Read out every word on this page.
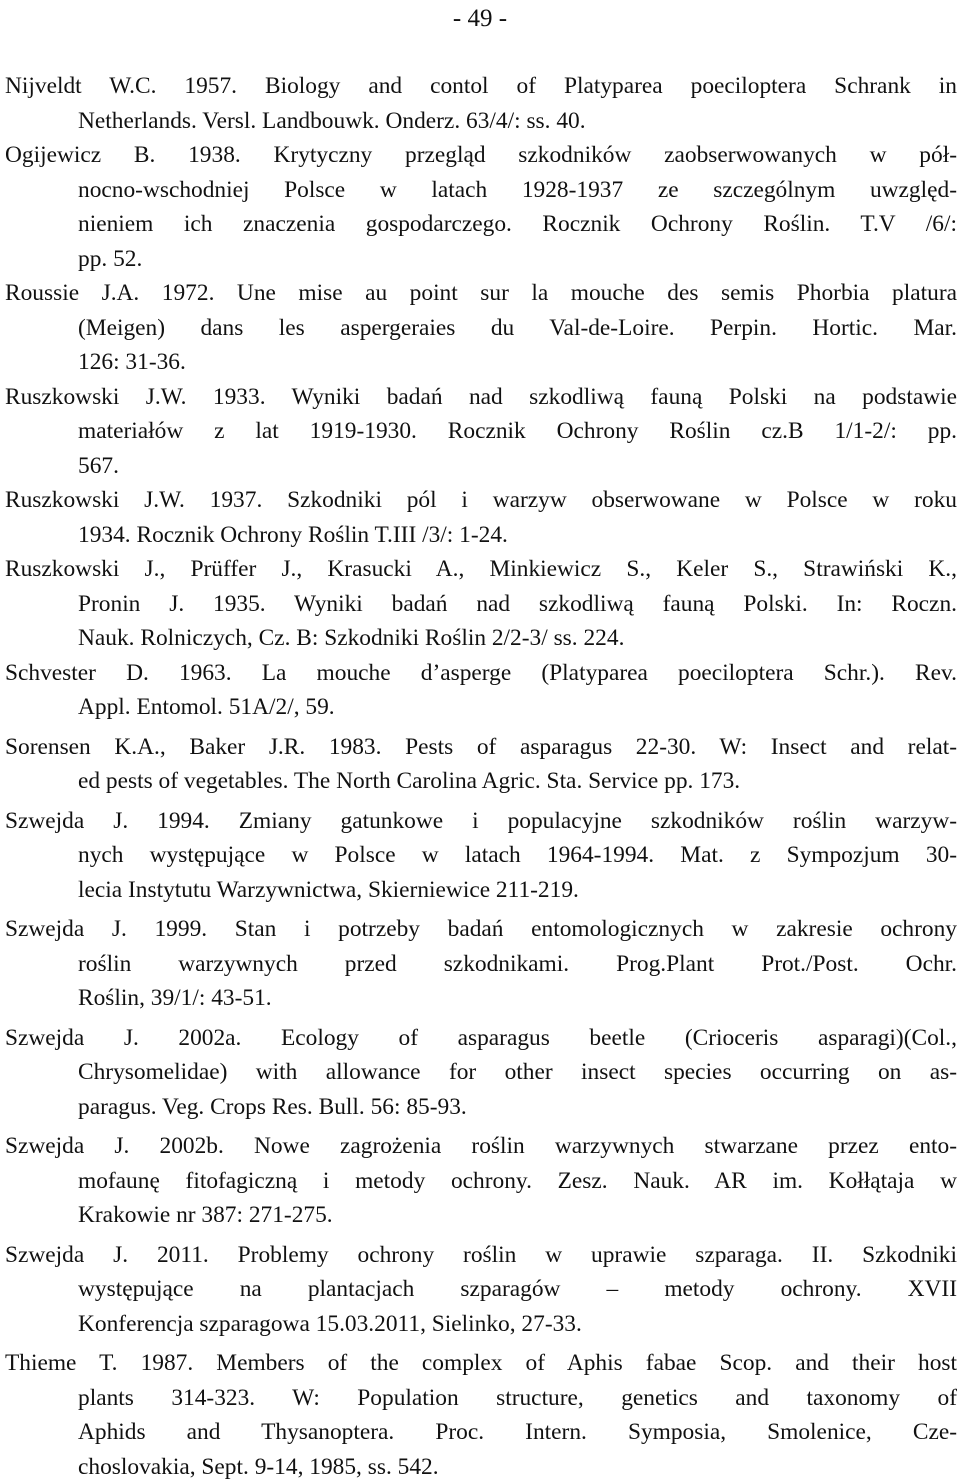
- 49 -
Nijveldt W.C. 1957. Biology and contol of Platyparea poeciloptera Schrank in
Netherlands. Versl. Landbouwk. Onderz. 63/4/: ss. 40.
Ogijewicz B. 1938. Krytyczny przegląd szkodników zaobserwowanych w pół-
nocno-wschodniej Polsce w latach 1928-1937 ze szczególnym uwzględ-
nieniem ich znaczenia gospodarczego. Rocznik Ochrony Roślin. T.V /6/:
pp. 52.
Roussie J.A. 1972. Une mise au point sur la mouche des semis Phorbia platura
(Meigen) dans les aspergeraies du Val-de-Loire. Perpin. Hortic. Mar.
126: 31-36.
Ruszkowski J.W. 1933. Wyniki badań nad szkodliwą fauną Polski na podstawie
materiałów z lat 1919-1930. Rocznik Ochrony Roślin cz.B 1/1-2/: pp.
567.
Ruszkowski J.W. 1937. Szkodniki pól i warzyw obserwowane w Polsce w roku
1934. Rocznik Ochrony Roślin T.III /3/: 1-24.
Ruszkowski J., Prüffer J., Krasucki A., Minkiewicz S., Keler S., Strawiński K.,
Pronin J. 1935. Wyniki badań nad szkodliwą fauną Polski. In: Roczn.
Nauk. Rolniczych, Cz. B: Szkodniki Roślin 2/2-3/ ss. 224.
Schvester D. 1963. La mouche d’asperge (Platyparea poeciloptera Schr.). Rev.
Appl. Entomol. 51A/2/, 59.
Sorensen K.A., Baker J.R. 1983. Pests of asparagus 22-30. W: Insect and relat-
ed pests of vegetables. The North Carolina Agric. Sta. Service pp. 173.
Szwejda J. 1994. Zmiany gatunkowe i populacyjne szkodników roślin warzyw-
nych występujące w Polsce w latach 1964-1994. Mat. z Sympozjum 30-
lecia Instytutu Warzywnictwa, Skierniewice 211-219.
Szwejda J. 1999. Stan i potrzeby badań entomologicznych w zakresie ochrony
roślin warzywnych przed szkodnikami. Prog.Plant Prot./Post. Ochr.
Roślin, 39/1/: 43-51.
Szwejda J. 2002a. Ecology of asparagus beetle (Crioceris asparagi)(Col.,
Chrysomelidae) with allowance for other insect species occurring on as-
paragus. Veg. Crops Res. Bull. 56: 85-93.
Szwejda J. 2002b. Nowe zagrożenia roślin warzywnych stwarzane przez ento-
mofaunę fitofagiczną i metody ochrony. Zesz. Nauk. AR im. Kołłątaja w
Krakowie nr 387: 271-275.
Szwejda J. 2011. Problemy ochrony roślin w uprawie szparaga. II. Szkodniki
występujące na plantacjach szparagów – metody ochrony. XVII
Konferencja szparagowa 15.03.2011, Sielinko, 27-33.
Thieme T. 1987. Members of the complex of Aphis fabae Scop. and their host
plants 314-323. W: Population structure, genetics and taxonomy of
Aphids and Thysanoptera. Proc. Intern. Symposia, Smolenice, Cze-
choslovakia, Sept. 9-14, 1985, ss. 542.
